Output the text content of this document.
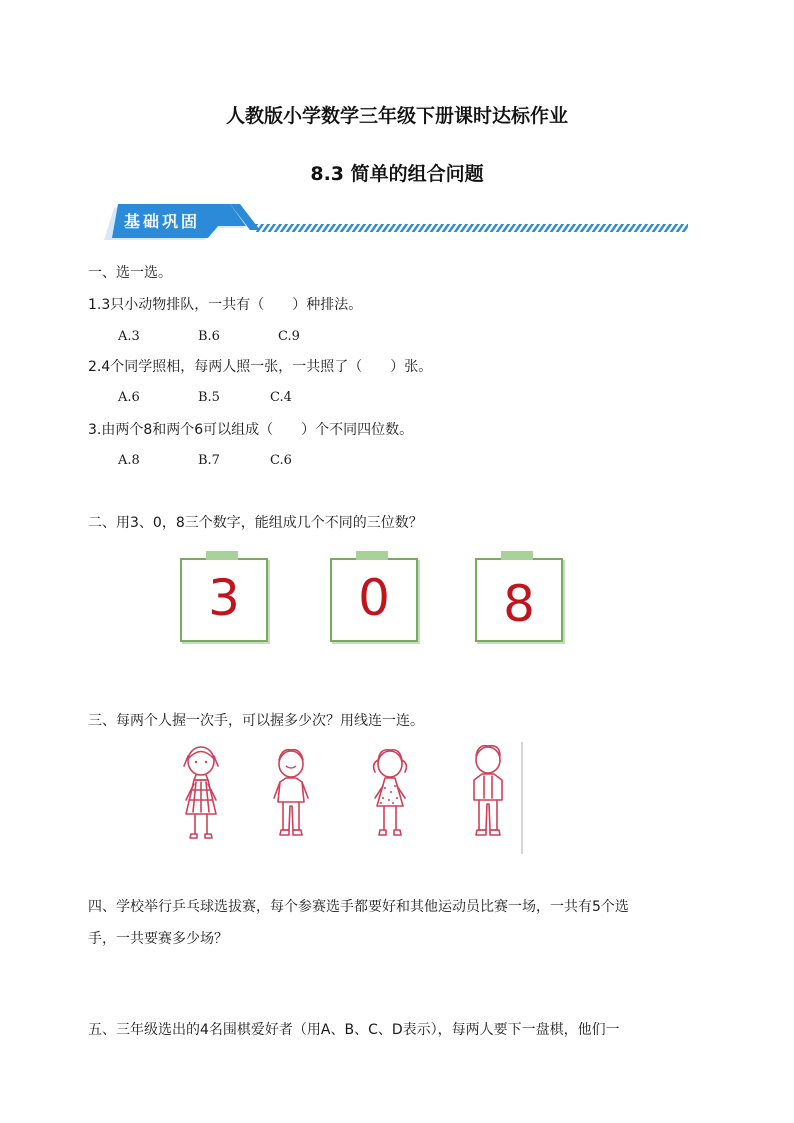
人教版小学数学三年级下册课时达标作业
8.3 简单的组合问题
基础巩固
一、选一选。
1.3只小动物排队，一共有（　　）种排法。
A.3	B.6	C.9
2.4个同学照相，每两人照一张，一共照了（　　）张。
A.6	B.5	C.4
3.由两个8和两个6可以组成（　　）个不同四位数。
A.8	B.7	C.6
二、用3、0，8三个数字，能组成几个不同的三位数？
3	0	8
三、每两个人握一次手，可以握多少次？用线连一连。
四、学校举行乒乓球选拔赛，每个参赛选手都要好和其他运动员比赛一场，一共有5个选
手，一共要赛多少场？
五、三年级选出的4名围棋爱好者（用A、B、C、D表示），每两人要下一盘棋，他们一
